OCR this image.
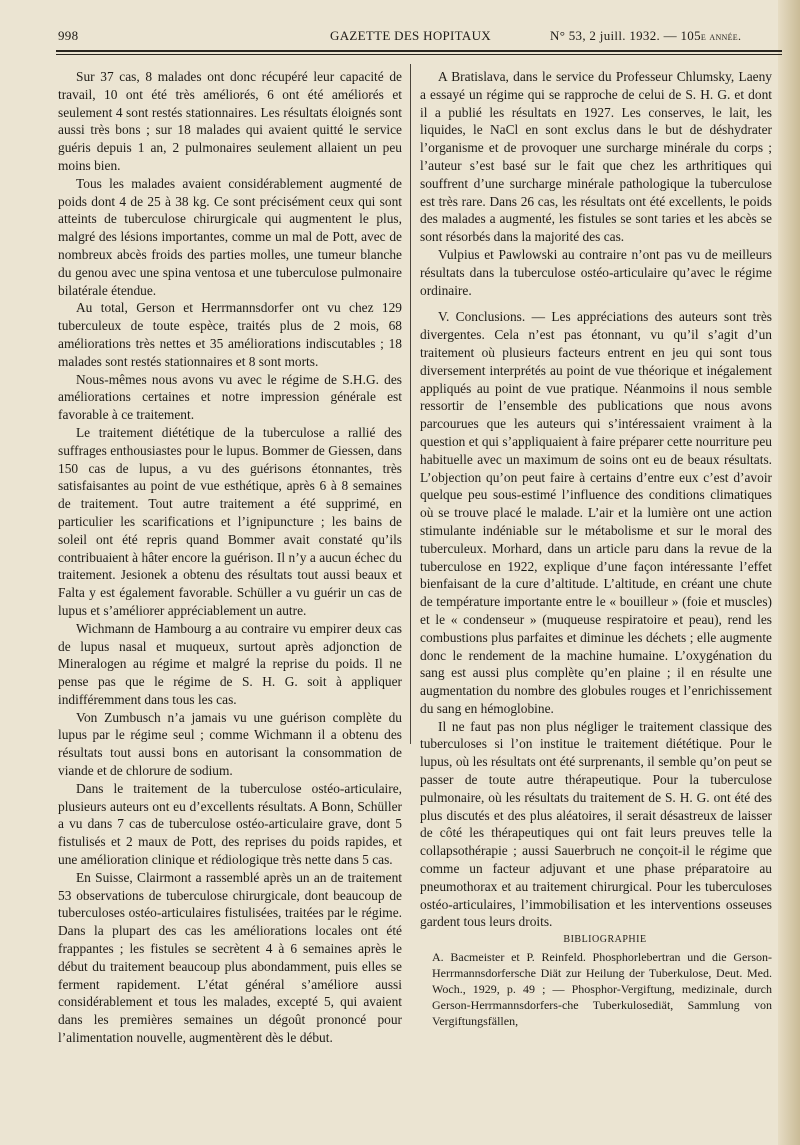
998	GAZETTE DES HOPITAUX	N° 53, 2 juill. 1932. — 105e année.

Sur 37 cas, 8 malades ont donc récupéré leur capacité de travail, 10 ont été très améliorés, 6 ont été améliorés et seulement 4 sont restés stationnaires. Les résultats éloignés sont aussi très bons ; sur 18 malades qui avaient quitté le service guéris depuis 1 an, 2 pulmonaires seulement allaient un peu moins bien.

Tous les malades avaient considérablement augmenté de poids dont 4 de 25 à 38 kg. Ce sont précisément ceux qui sont atteints de tuberculose chirurgicale qui augmentent le plus, malgré des lésions importantes, comme un mal de Pott, avec de nombreux abcès froids des parties molles, une tumeur blanche du genou avec une spina ventosa et une tuberculose pulmonaire bilatérale étendue.

Au total, Gerson et Herrmannsdorfer ont vu chez 129 tuberculeux de toute espèce, traités plus de 2 mois, 68 améliorations très nettes et 35 améliorations indiscutables ; 18 malades sont restés stationnaires et 8 sont morts.

Nous-mêmes nous avons vu avec le régime de S.H.G. des améliorations certaines et notre impression générale est favorable à ce traitement.

Le traitement diététique de la tuberculose a rallié des suffrages enthousiastes pour le lupus. Bommer de Giessen, dans 150 cas de lupus, a vu des guérisons étonnantes, très satisfaisantes au point de vue esthétique, après 6 à 8 semaines de traitement. Tout autre traitement a été supprimé, en particulier les scarifications et l’ignipuncture ; les bains de soleil ont été repris quand Bommer avait constaté qu’ils contribuaient à hâter encore la guérison. Il n’y a aucun échec du traitement. Jesionek a obtenu des résultats tout aussi beaux et Falta y est également favorable. Schüller a vu guérir un cas de lupus et s’améliorer appréciablement un autre.

Wichmann de Hambourg a au contraire vu empirer deux cas de lupus nasal et muqueux, surtout après adjonction de Mineralogen au régime et malgré la reprise du poids. Il ne pense pas que le régime de S. H. G. soit à appliquer indifféremment dans tous les cas.

Von Zumbusch n’a jamais vu une guérison complète du lupus par le régime seul ; comme Wichmann il a obtenu des résultats tout aussi bons en autorisant la consommation de viande et de chlorure de sodium.

Dans le traitement de la tuberculose ostéo-articulaire, plusieurs auteurs ont eu d’excellents résultats. A Bonn, Schüller a vu dans 7 cas de tuberculose ostéo-articulaire grave, dont 5 fistulisés et 2 maux de Pott, des reprises du poids rapides, et une amélioration clinique et rédiologique très nette dans 5 cas.

En Suisse, Clairmont a rassemblé après un an de traitement 53 observations de tuberculose chirurgicale, dont beaucoup de tuberculoses ostéo-articulaires fistulisées, traitées par le régime. Dans la plupart des cas les améliorations locales ont été frappantes ; les fistules se secrètent 4 à 6 semaines après le début du traitement beaucoup plus abondamment, puis elles se ferment rapidement. L’état général s’améliore aussi considérablement et tous les malades, excepté 5, qui avaient dans les premières semaines un dégoût prononcé pour l’alimentation nouvelle, augmentèrent dès le début.

A Bratislava, dans le service du Professeur Chlumsky, Laeny a essayé un régime qui se rapproche de celui de S. H. G. et dont il a publié les résultats en 1927. Les conserves, le lait, les liquides, le NaCl en sont exclus dans le but de déshydrater l’organisme et de provoquer une surcharge minérale du corps ; l’auteur s’est basé sur le fait que chez les arthritiques qui souffrent d’une surcharge minérale pathologique la tuberculose est très rare. Dans 26 cas, les résultats ont été excellents, le poids des malades a augmenté, les fistules se sont taries et les abcès se sont résorbés dans la majorité des cas.

Vulpius et Pawlowski au contraire n’ont pas vu de meilleurs résultats dans la tuberculose ostéo-articulaire qu’avec le régime ordinaire.

V. Conclusions. — Les appréciations des auteurs sont très divergentes. Cela n’est pas étonnant, vu qu’il s’agit d’un traitement où plusieurs facteurs entrent en jeu qui sont tous diversement interprétés au point de vue théorique et inégalement appliqués au point de vue pratique. Néanmoins il nous semble ressortir de l’ensemble des publications que nous avons parcourues que les auteurs qui s’intéressaient vraiment à la question et qui s’appliquaient à faire préparer cette nourriture peu habituelle avec un maximum de soins ont eu de beaux résultats. L’objection qu’on peut faire à certains d’entre eux c’est d’avoir quelque peu sous-estimé l’influence des conditions climatiques où se trouve placé le malade. L’air et la lumière ont une action stimulante indéniable sur le métabolisme et sur le moral des tuberculeux. Morhard, dans un article paru dans la revue de la tuberculose en 1922, explique d’une façon intéressante l’effet bienfaisant de la cure d’altitude. L’altitude, en créant une chute de température importante entre le « bouilleur » (foie et muscles) et le « condenseur » (muqueuse respiratoire et peau), rend les combustions plus parfaites et diminue les déchets ; elle augmente donc le rendement de la machine humaine. L’oxygénation du sang est aussi plus complète qu’en plaine ; il en résulte une augmentation du nombre des globules rouges et l’enrichissement du sang en hémoglobine.

Il ne faut pas non plus négliger le traitement classique des tuberculoses si l’on institue le traitement diététique. Pour le lupus, où les résultats ont été surprenants, il semble qu’on peut se passer de toute autre thérapeutique. Pour la tuberculose pulmonaire, où les résultats du traitement de S. H. G. ont été des plus discutés et des plus aléatoires, il serait désastreux de laisser de côté les thérapeutiques qui ont fait leurs preuves telle la collapsothérapie ; aussi Sauerbruch ne conçoit-il le régime que comme un facteur adjuvant et une phase préparatoire au pneumothorax et au traitement chirurgical. Pour les tuberculoses ostéo-articulaires, l’immobilisation et les interventions osseuses gardent tous leurs droits.

BIBLIOGRAPHIE

A. Bacmeister et P. Reinfeld. Phosphorlebertran und die Gerson-Herrmannsdorfersche Diät zur Heilung der Tuberkulose, Deut. Med. Woch., 1929, p. 49 ; — Phosphor-Vergiftung, medizinale, durch Gerson-Herrmannsdorfers-che Tuberkulosediät, Sammlung von Vergiftungsfällen,
